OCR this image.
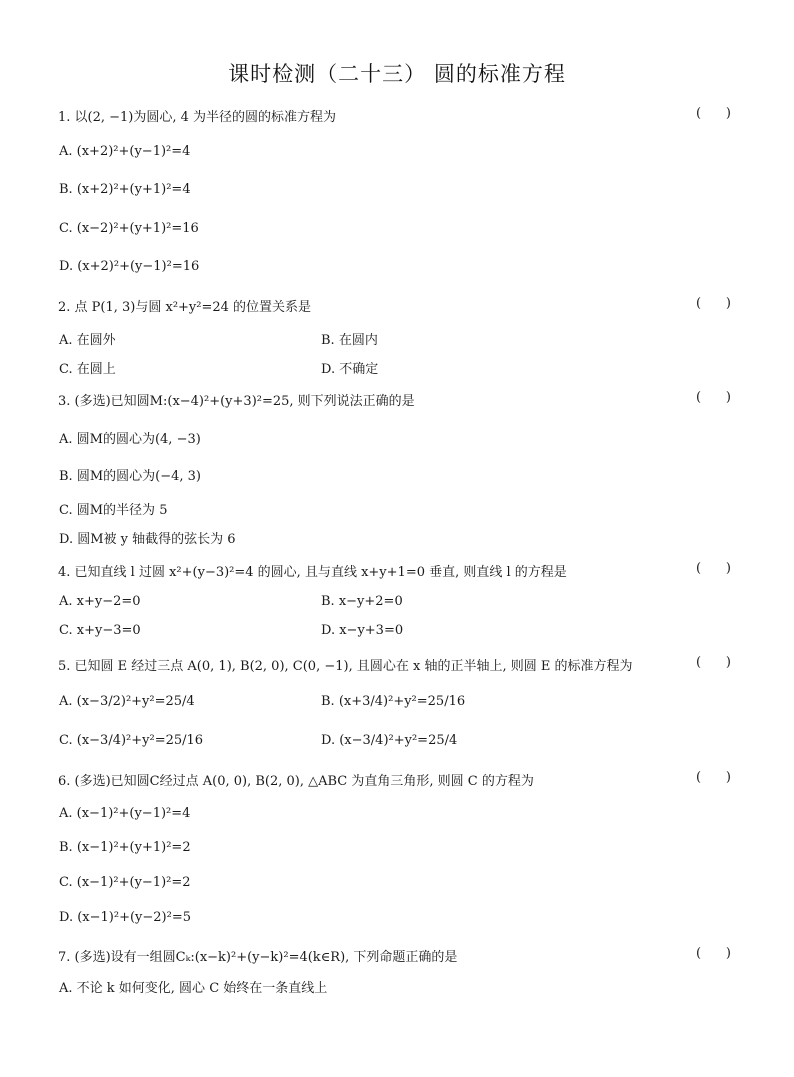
课时检测（二十三） 圆的标准方程
1. 以(2, −1)为圆心, 4 为半径的圆的标准方程为	(      )
A. (x+2)²+(y−1)²=4
B. (x+2)²+(y+1)²=4
C. (x−2)²+(y+1)²=16
D. (x+2)²+(y−1)²=16
2. 点 P(1, 3)与圆 x²+y²=24 的位置关系是	(      )
A. 在圆外	B. 在圆内
C. 在圆上	D. 不确定
3. (多选)已知圆M:(x−4)²+(y+3)²=25, 则下列说法正确的是	(      )
A. 圆M的圆心为(4, −3)
B. 圆M的圆心为(−4, 3)
C. 圆M的半径为 5
D. 圆M被 y 轴截得的弦长为 6
4. 已知直线 l 过圆 x²+(y−3)²=4 的圆心, 且与直线 x+y+1=0 垂直, 则直线 l 的方程是	(      )
A. x+y−2=0	B. x−y+2=0
C. x+y−3=0	D. x−y+3=0
5. 已知圆 E 经过三点 A(0, 1), B(2, 0), C(0, −1), 且圆心在 x 轴的正半轴上, 则圆 E 的标准方程为	(      )
A. (x−3/2)²+y²=25/4	B. (x+3/4)²+y²=25/16
C. (x−3/4)²+y²=25/16	D. (x−3/4)²+y²=25/4
6. (多选)已知圆C经过点 A(0, 0), B(2, 0), △ABC 为直角三角形, 则圆 C 的方程为	(      )
A. (x−1)²+(y−1)²=4
B. (x−1)²+(y+1)²=2
C. (x−1)²+(y−1)²=2
D. (x−1)²+(y−2)²=5
7. (多选)设有一组圆Cₖ:(x−k)²+(y−k)²=4(k∈R), 下列命题正确的是	(      )
A. 不论 k 如何变化, 圆心 C 始终在一条直线上
